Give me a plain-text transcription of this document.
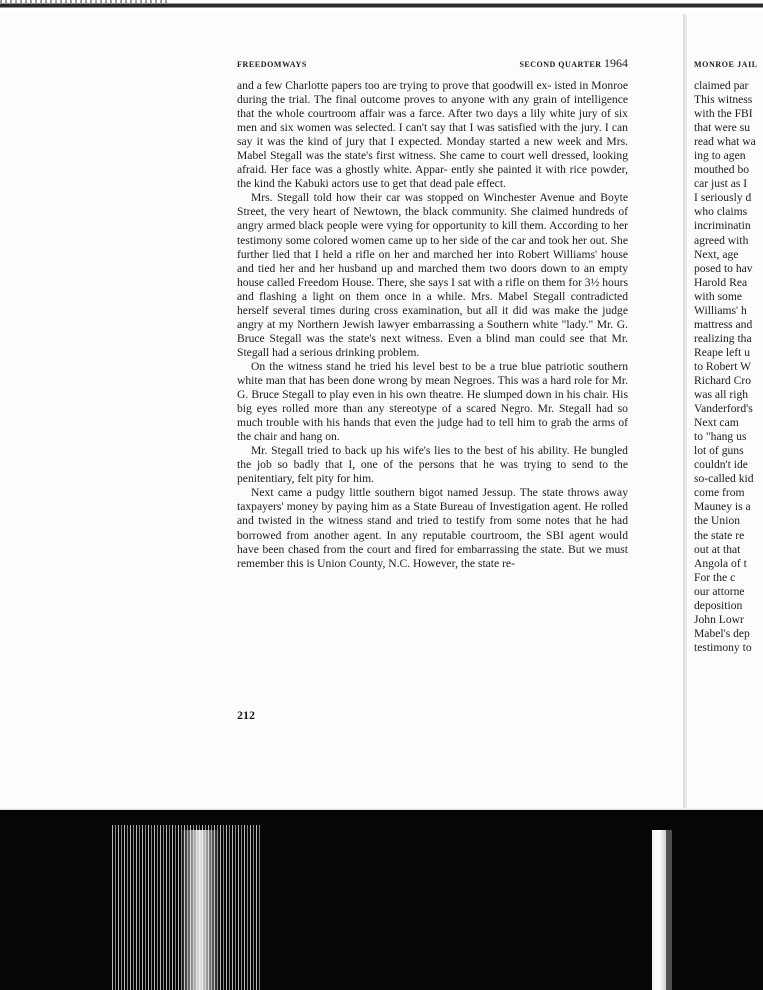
FREEDOMWAYS	SECOND QUARTER 1964

and a few Charlotte papers too are trying to prove that goodwill ex- isted in Monroe during the trial. The final outcome proves to anyone with any grain of intelligence that the whole courtroom affair was a farce. After two days a lily white jury of six men and six women was selected. I can't say that I was satisfied with the jury. I can say it was the kind of jury that I expected. Monday started a new week and Mrs. Mabel Stegall was the state's first witness. She came to court well dressed, looking afraid. Her face was a ghostly white. Appar- ently she painted it with rice powder, the kind the Kabuki actors use to get that dead pale effect.

Mrs. Stegall told how their car was stopped on Winchester Avenue and Boyte Street, the very heart of Newtown, the black community. She claimed hundreds of angry armed black people were vying for opportunity to kill them. According to her testimony some colored women came up to her side of the car and took her out. She further lied that I held a rifle on her and marched her into Robert Williams' house and tied her and her husband up and marched them two doors down to an empty house called Freedom House. There, she says I sat with a rifle on them for 3½ hours and flashing a light on them once in a while. Mrs. Mabel Stegall contradicted herself several times during cross examination, but all it did was make the judge angry at my Northern Jewish lawyer embarrassing a Southern white "lady." Mr. G. Bruce Stegall was the state's next witness. Even a blind man could see that Mr. Stegall had a serious drinking problem.

On the witness stand he tried his level best to be a true blue patriotic southern white man that has been done wrong by mean Negroes. This was a hard role for Mr. G. Bruce Stegall to play even in his own theatre. He slumped down in his chair. His big eyes rolled more than any stereotype of a scared Negro. Mr. Stegall had so much trouble with his hands that even the judge had to tell him to grab the arms of the chair and hang on.

Mr. Stegall tried to back up his wife's lies to the best of his ability. He bungled the job so badly that I, one of the persons that he was trying to send to the penitentiary, felt pity for him.

Next came a pudgy little southern bigot named Jessup. The state throws away taxpayers' money by paying him as a State Bureau of Investigation agent. He rolled and twisted in the witness stand and tried to testify from some notes that he had borrowed from another agent. In any reputable courtroom, the SBI agent would have been chased from the court and fired for embarrassing the state. But we must remember this is Union County, N.C. However, the state re-

212
MONROE JAIL
claimed par
This witness
with the FBI
that were su
read what wa
ing to agen
mouthed bo
car just as I
I seriously d
who claims
incriminatin
agreed with
Next, age
posed to hav
Harold Rea
with some
Williams' h
mattress and
realizing tha
Reape left u
to Robert W
Richard Cro
was all righ
Vanderford's
Next cam
to "hang us
lot of guns
couldn't ide
so-called kid
come from
Mauney is a
the Union
the state re
out at that
Angola of t
For the c
our attorne
deposition
John Lowr
Mabel's dep
testimony to
